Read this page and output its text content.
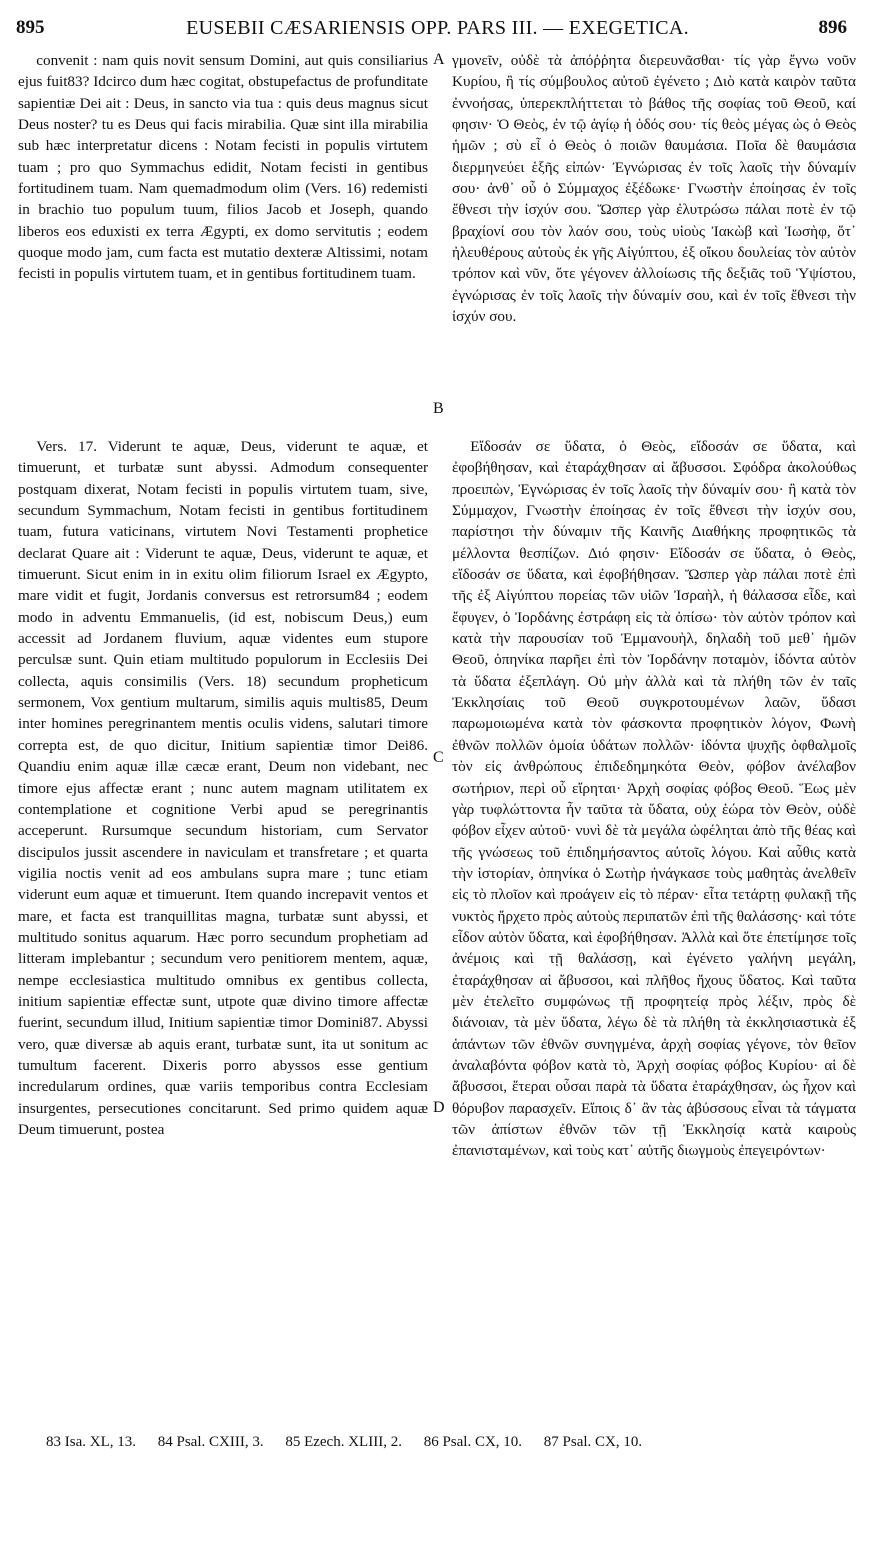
895	EUSEBII CÆSARIENSIS OPP. PARS III. — EXEGETICA.	896
A
B
C
D

convenit : nam quis novit sensum Domini, aut quis consiliarius ejus fuit83? Idcirco dum hæc cogitat, obstupefactus de profunditate sapientiæ Dei ait : Deus, in sancto via tua : quis deus magnus sicut Deus noster? tu es Deus qui facis mirabilia. Quæ sint illa mirabilia sub hæc interpretatur dicens : Notam fecisti in populis virtutem tuam ; pro quo Symmachus edidit, Notam fecisti in gentibus fortitudinem tuam. Nam quemadmodum olim (Vers. 16) redemisti in brachio tuo populum tuum, filios Jacob et Joseph, quando liberos eos eduxisti ex terra Ægypti, ex domo servitutis ; eodem quoque modo jam, cum facta est mutatio dexteræ Altissimi, notam fecisti in populis virtutem tuam, et in gentibus fortitudinem tuam.

Vers. 17. Viderunt te aquæ, Deus, viderunt te aquæ, et timuerunt, et turbatæ sunt abyssi. Admodum consequenter postquam dixerat, Notam fecisti in populis virtutem tuam, sive, secundum Symmachum, Notam fecisti in gentibus fortitudinem tuam, futura vaticinans, virtutem Novi Testamenti prophetice declarat Quare ait : Viderunt te aquæ, Deus, viderunt te aquæ, et timuerunt. Sicut enim in in exitu olim filiorum Israel ex Ægypto, mare vidit et fugit, Jordanis conversus est retrorsum84 ; eodem modo in adventu Emmanuelis, (id est, nobiscum Deus,) eum accessit ad Jordanem fluvium, aquæ videntes eum stupore perculsæ sunt. Quin etiam multitudo populorum in Ecclesiis Dei collecta, aquis consimilis (Vers. 18) secundum propheticum sermonem, Vox gentium multarum, similis aquis multis85, Deum inter homines peregrinantem mentis oculis videns, salutari timore correpta est, de quo dicitur, Initium sapientiæ timor Dei86. Quandiu enim aquæ illæ cæcæ erant, Deum non videbant, nec timore ejus affectæ erant ; nunc autem magnam utilitatem ex contemplatione et cognitione Verbi apud se peregrinantis acceperunt. Rursumque secundum historiam, cum Servator discipulos jussit ascendere in naviculam et transfretare ; et quarta vigilia noctis venit ad eos ambulans supra mare ; tunc etiam viderunt eum aquæ et timuerunt. Item quando increpavit ventos et mare, et facta est tranquillitas magna, turbatæ sunt abyssi, et multitudo sonitus aquarum. Hæc porro secundum prophetiam ad litteram implebantur ; secundum vero penitiorem mentem, aquæ, nempe ecclesiastica multitudo omnibus ex gentibus collecta, initium sapientiæ effectæ sunt, utpote quæ divino timore affectæ fuerint, secundum illud, Initium sapientiæ timor Domini87. Abyssi vero, quæ diversæ ab aquis erant, turbatæ sunt, ita ut sonitum ac tumultum facerent. Dixeris porro abyssos esse gentium incredularum ordines, quæ variis temporibus contra Ecclesiam insurgentes, persecutiones concitarunt. Sed primo quidem aquæ Deum timuerunt, postea

γμονεῖν, οὐδὲ τὰ ἀπόῤῥητα διερευνᾶσθαι· τίς γὰρ ἔγνω νοῦν Κυρίου, ἢ τίς σύμβουλος αὐτοῦ ἐγένετο ; Διὸ κατὰ καιρὸν ταῦτα ἐννοήσας, ὑπερεκπλήττεται τὸ βάθος τῆς σοφίας τοῦ Θεοῦ, καί φησιν· Ὁ Θεὸς, ἐν τῷ ἁγίῳ ἡ ὁδός σου· τίς θεὸς μέγας ὡς ὁ Θεὸς ἡμῶν ; σὺ εἶ ὁ Θεὸς ὁ ποιῶν θαυμάσια. Ποῖα δὲ θαυμάσια διερμηνεύει ἑξῆς εἰπών· Ἐγνώρισας ἐν τοῖς λαοῖς τὴν δύναμίν σου· ἀνθ᾽ οὗ ὁ Σύμμαχος ἐξέδωκε· Γνωστὴν ἐποίησας ἐν τοῖς ἔθνεσι τὴν ἰσχύν σου. Ὥσπερ γὰρ ἐλυτρώσω πάλαι ποτὲ ἐν τῷ βραχίονί σου τὸν λαόν σου, τοὺς υἱοὺς Ἰακὼβ καὶ Ἰωσὴφ, ὅτ᾽ ἠλευθέρους αὐτοὺς ἐκ γῆς Αἰγύπτου, ἐξ οἴκου δουλείας τὸν αὐτὸν τρόπον καὶ νῦν, ὅτε γέγονεν ἀλλοίωσις τῆς δεξιᾶς τοῦ Ὑψίστου, ἐγνώρισας ἐν τοῖς λαοῖς τὴν δύναμίν σου, καὶ ἐν τοῖς ἔθνεσι τὴν ἰσχύν σου.

Εἴδοσάν σε ὕδατα, ὁ Θεὸς, εἴδοσάν σε ὕδατα, καὶ ἐφοβήθησαν, καὶ ἐταράχθησαν αἱ ἄβυσσοι. Σφόδρα ἀκολούθως προειπὼν, Ἐγνώρισας ἐν τοῖς λαοῖς τὴν δύναμίν σου· ἢ κατὰ τὸν Σύμμαχον, Γνωστὴν ἐποίησας ἐν τοῖς ἔθνεσι τὴν ἰσχύν σου, παρίστησι τὴν δύναμιν τῆς Καινῆς Διαθήκης προφητικῶς τὰ μέλλοντα θεσπίζων. Διό φησιν· Εἴδοσάν σε ὕδατα, ὁ Θεὸς, εἴδοσάν σε ὕδατα, καὶ ἐφοβήθησαν. Ὥσπερ γὰρ πάλαι ποτὲ ἐπὶ τῆς ἐξ Αἰγύπτου πορείας τῶν υἱῶν Ἰσραὴλ, ἡ θάλασσα εἶδε, καὶ ἔφυγεν, ὁ Ἰορδάνης ἐστράφη εἰς τὰ ὀπίσω· τὸν αὐτὸν τρόπον καὶ κατὰ τὴν παρουσίαν τοῦ Ἐμμανουὴλ, δηλαδὴ τοῦ μεθ᾽ ἡμῶν Θεοῦ, ὁπηνίκα παρῆει ἐπὶ τὸν Ἰορδάνην ποταμὸν, ἰδόντα αὐτὸν τὰ ὕδατα ἐξεπλάγη. Οὐ μὴν ἀλλὰ καὶ τὰ πλήθη τῶν ἐν ταῖς Ἐκκλησίαις τοῦ Θεοῦ συγκροτουμένων λαῶν, ὕδασι παρωμοιωμένα κατὰ τὸν φάσκοντα προφητικὸν λόγον, Φωνὴ ἐθνῶν πολλῶν ὁμοία ὑδάτων πολλῶν· ἰδόντα ψυχῆς ὀφθαλμοῖς τὸν εἰς ἀνθρώπους ἐπιδεδημηκότα Θεὸν, φόβον ἀνέλαβον σωτήριον, περὶ οὗ εἴρηται· Ἀρχὴ σοφίας φόβος Θεοῦ. Ἕως μὲν γὰρ τυφλώττοντα ἦν ταῦτα τὰ ὕδατα, οὐχ ἑώρα τὸν Θεὸν, οὐδὲ φόβον εἶχεν αὐτοῦ· νυνὶ δὲ τὰ μεγάλα ὠφέληται ἀπὸ τῆς θέας καὶ τῆς γνώσεως τοῦ ἐπιδημήσαντος αὐτοῖς λόγου. Καὶ αὖθις κατὰ τὴν ἱστορίαν, ὁπηνίκα ὁ Σωτὴρ ἠνάγκασε τοὺς μαθητὰς ἀνελθεῖν εἰς τὸ πλοῖον καὶ προάγειν εἰς τὸ πέραν· εἶτα τετάρτῃ φυλακῇ τῆς νυκτὸς ἤρχετο πρὸς αὐτοὺς περιπατῶν ἐπὶ τῆς θαλάσσης· καὶ τότε εἶδον αὐτὸν ὕδατα, καὶ ἐφοβήθησαν. Ἀλλὰ καὶ ὅτε ἐπετίμησε τοῖς ἀνέμοις καὶ τῇ θαλάσσῃ, καὶ ἐγένετο γαλήνη μεγάλη, ἐταράχθησαν αἱ ἄβυσσοι, καὶ πλῆθος ἤχους ὕδατος. Καὶ ταῦτα μὲν ἐτελεῖτο συμφώνως τῇ προφητείᾳ πρὸς λέξιν, πρὸς δὲ διάνοιαν, τὰ μὲν ὕδατα, λέγω δὲ τὰ πλήθη τὰ ἐκκλησιαστικὰ ἐξ ἁπάντων τῶν ἐθνῶν συνηγμένα, ἀρχὴ σοφίας γέγονε, τὸν θεῖον ἀναλαβόντα φόβον κατὰ τὸ, Ἀρχὴ σοφίας φόβος Κυρίου· αἱ δὲ ἄβυσσοι, ἕτεραι οὖσαι παρὰ τὰ ὕδατα ἐταράχθησαν, ὡς ἦχον καὶ θόρυβον παρασχεῖν. Εἴποις δ᾽ ἂν τὰς ἀβύσσους εἶναι τὰ τάγματα τῶν ἀπίστων ἐθνῶν τῶν τῇ Ἐκκλησίᾳ κατὰ καιροὺς ἐπανισταμένων, καὶ τοὺς κατ᾽ αὐτῆς διωγμοὺς ἐπεγειρόντων·

83 Isa. XL, 13. 84 Psal. CXIII, 3. 85 Ezech. XLIII, 2. 86 Psal. CX, 10. 87 Psal. CX, 10.
